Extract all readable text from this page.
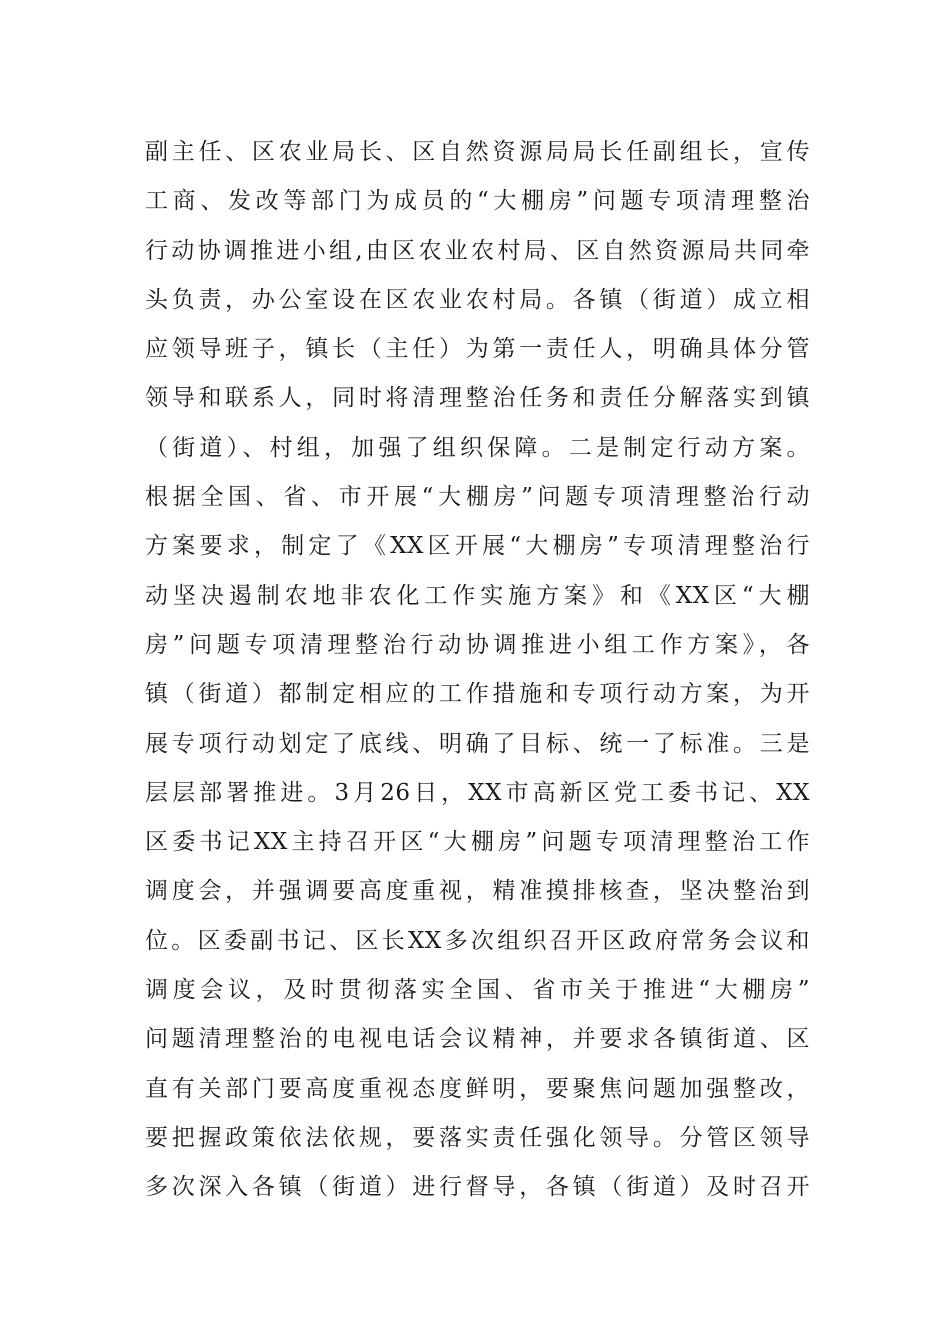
副主任、区农业局长、区自然资源局局长任副组长，宣传
工商、发改等部门为成员的“大棚房”问题专项清理整治
行动协调推进小组,由区农业农村局、区自然资源局共同牵
头负责，办公室设在区农业农村局。各镇（街道）成立相
应领导班子，镇长（主任）为第一责任人，明确具体分管
领导和联系人，同时将清理整治任务和责任分解落实到镇
（街道）、村组，加强了组织保障。二是制定行动方案。
根据全国、省、市开展“大棚房”问题专项清理整治行动
方案要求，制定了《XX区开展“大棚房”专项清理整治行
动坚决遏制农地非农化工作实施方案》和《XX区“大棚
房”问题专项清理整治行动协调推进小组工作方案》，各
镇（街道）都制定相应的工作措施和专项行动方案，为开
展专项行动划定了底线、明确了目标、统一了标准。三是
层层部署推进。3月26日，XX市高新区党工委书记、XX
区委书记XX主持召开区“大棚房”问题专项清理整治工作
调度会，并强调要高度重视，精准摸排核查，坚决整治到
位。区委副书记、区长XX多次组织召开区政府常务会议和
调度会议，及时贯彻落实全国、省市关于推进“大棚房”
问题清理整治的电视电话会议精神，并要求各镇街道、区
直有关部门要高度重视态度鲜明，要聚焦问题加强整改，
要把握政策依法依规，要落实责任强化领导。分管区领导
多次深入各镇（街道）进行督导，各镇（街道）及时召开
